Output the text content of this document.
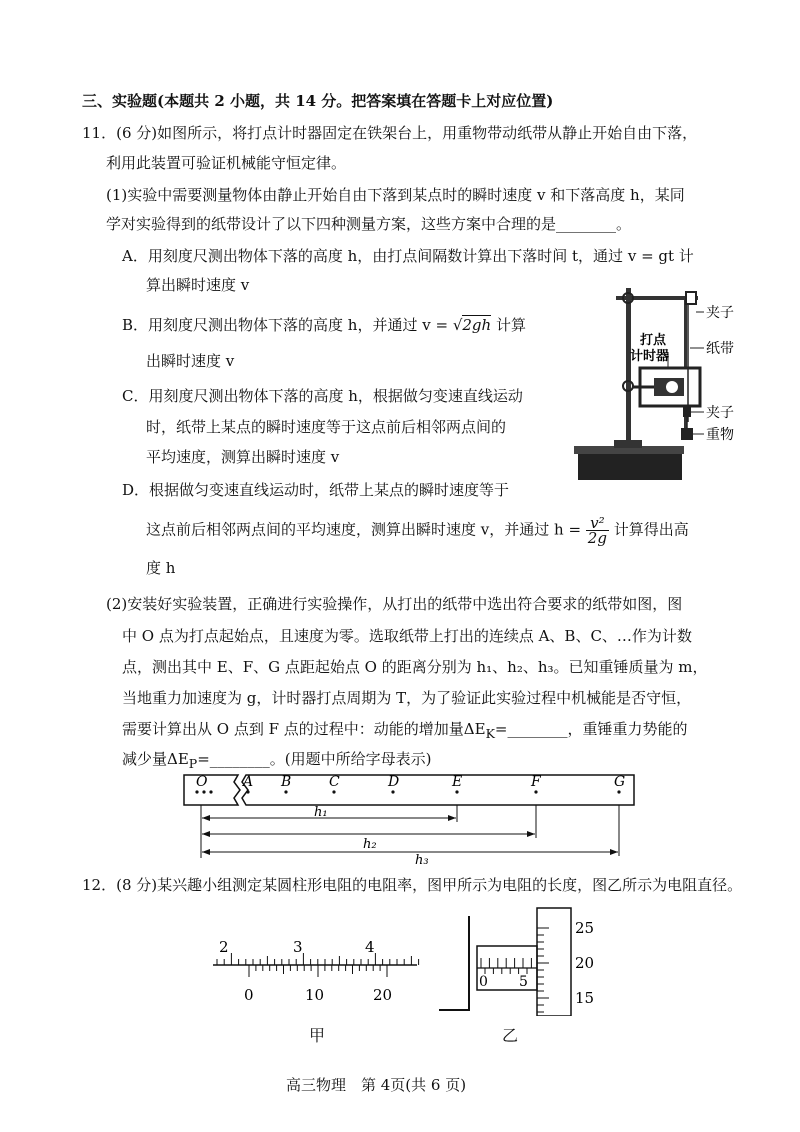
三、实验题(本题共 2 小题，共 14 分。把答案填在答题卡上对应位置)
11．(6 分)如图所示，将打点计时器固定在铁架台上，用重物带动纸带从静止开始自由下落，
利用此装置可验证机械能守恒定律。
(1)实验中需要测量物体由静止开始自由下落到某点时的瞬时速度 v 和下落高度 h，某同
学对实验得到的纸带设计了以下四种测量方案，这些方案中合理的是________。
A．用刻度尺测出物体下落的高度 h，由打点间隔数计算出下落时间 t，通过 v = gt 计
算出瞬时速度 v
B．用刻度尺测出物体下落的高度 h，并通过 v = √2gh 计算
出瞬时速度 v
C．用刻度尺测出物体下落的高度 h，根据做匀变速直线运动
时，纸带上某点的瞬时速度等于这点前后相邻两点间的
平均速度，测算出瞬时速度 v
D．根据做匀变速直线运动时，纸带上某点的瞬时速度等于
这点前后相邻两点间的平均速度，测算出瞬时速度 v，并通过 $h = \frac{\text{v²}}{2g}$ 计算得出高
度 h
夹子
纸带
打点
计时器
夹子
重物
(2)安装好实验装置，正确进行实验操作，从打出的纸带中选出符合要求的纸带如图，图
中 O 点为打点起始点，且速度为零。选取纸带上打出的连续点 A、B、C、…作为计数
点，测出其中 E、F、G 点距起始点 O 的距离分别为 h₁、h₂、h₃。已知重锤质量为 m，
当地重力加速度为 g，计时器打点周期为 T，为了验证此实验过程中机械能是否守恒，
需要计算出从 O 点到 F 点的过程中：动能的增加量$\Delta E_K=\_\_\_\_\_\_\_\_$，重锤重力势能的
减少量$\Delta E_P=\_\_\_\_\_\_\_\_$。(用题中所给字母表示)
O	A B	C	D	E	F	G
h₁
h₂
h₃
12．(8 分)某兴趣小组测定某圆柱形电阻的电阻率，图甲所示为电阻的长度，图乙所示为电阻直径。
2	3	4
0	10	20
甲
0 5
25
20
15
乙
高三物理　第 4页(共 6 页)
